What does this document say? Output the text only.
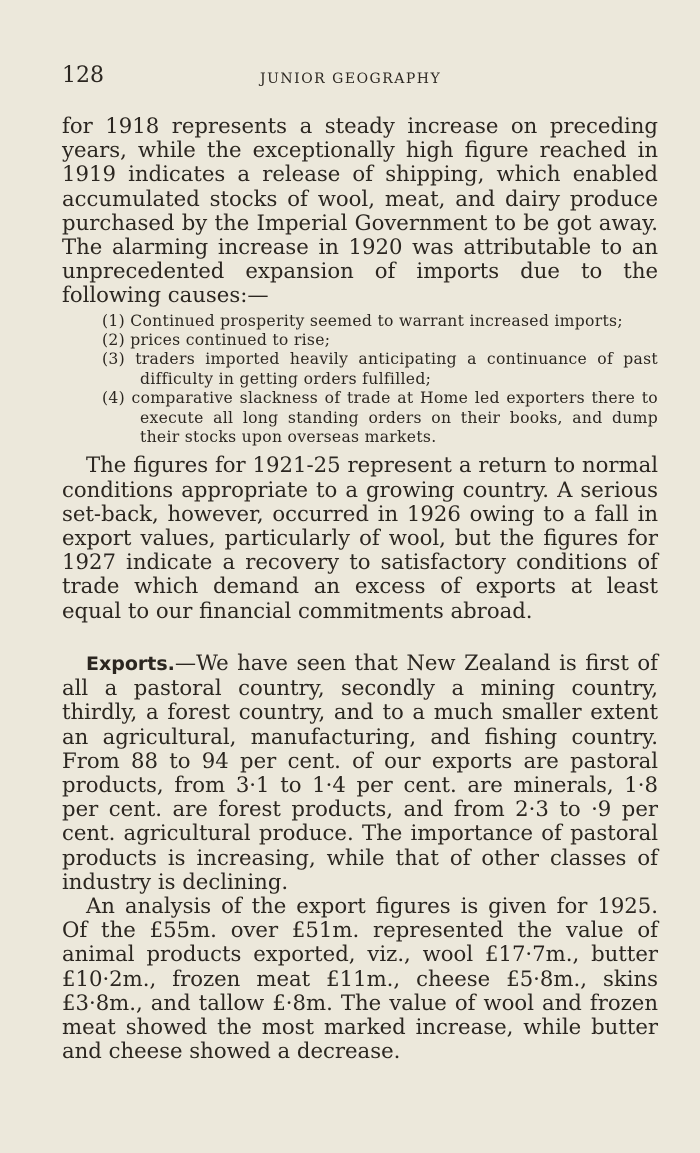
128	JUNIOR GEOGRAPHY

for 1918 represents a steady increase on preceding years, while the exceptionally high figure reached in 1919 indicates a release of shipping, which enabled accumulated stocks of wool, meat, and dairy produce purchased by the Imperial Government to be got away. The alarming increase in 1920 was attributable to an unprecedented expansion of imports due to the following causes:—

(1) Continued prosperity seemed to warrant increased imports;
(2) prices continued to rise;
(3) traders imported heavily anticipating a continuance of past difficulty in getting orders fulfilled;
(4) comparative slackness of trade at Home led exporters there to execute all long standing orders on their books, and dump their stocks upon overseas markets.

The figures for 1921-25 represent a return to normal conditions appropriate to a growing country. A serious set-back, however, occurred in 1926 owing to a fall in export values, particularly of wool, but the figures for 1927 indicate a recovery to satisfactory conditions of trade which demand an excess of exports at least equal to our financial commitments abroad.

Exports.—We have seen that New Zealand is first of all a pastoral country, secondly a mining country, thirdly, a forest country, and to a much smaller extent an agricultural, manufacturing, and fishing country. From 88 to 94 per cent. of our exports are pastoral products, from 3·1 to 1·4 per cent. are minerals, 1·8 per cent. are forest products, and from 2·3 to ·9 per cent. agricultural produce. The importance of pastoral products is increasing, while that of other classes of industry is declining.

An analysis of the export figures is given for 1925. Of the £55m. over £51m. represented the value of animal products exported, viz., wool £17·7m., butter £10·2m., frozen meat £11m., cheese £5·8m., skins £3·8m., and tallow £·8m. The value of wool and frozen meat showed the most marked increase, while butter and cheese showed a decrease.
